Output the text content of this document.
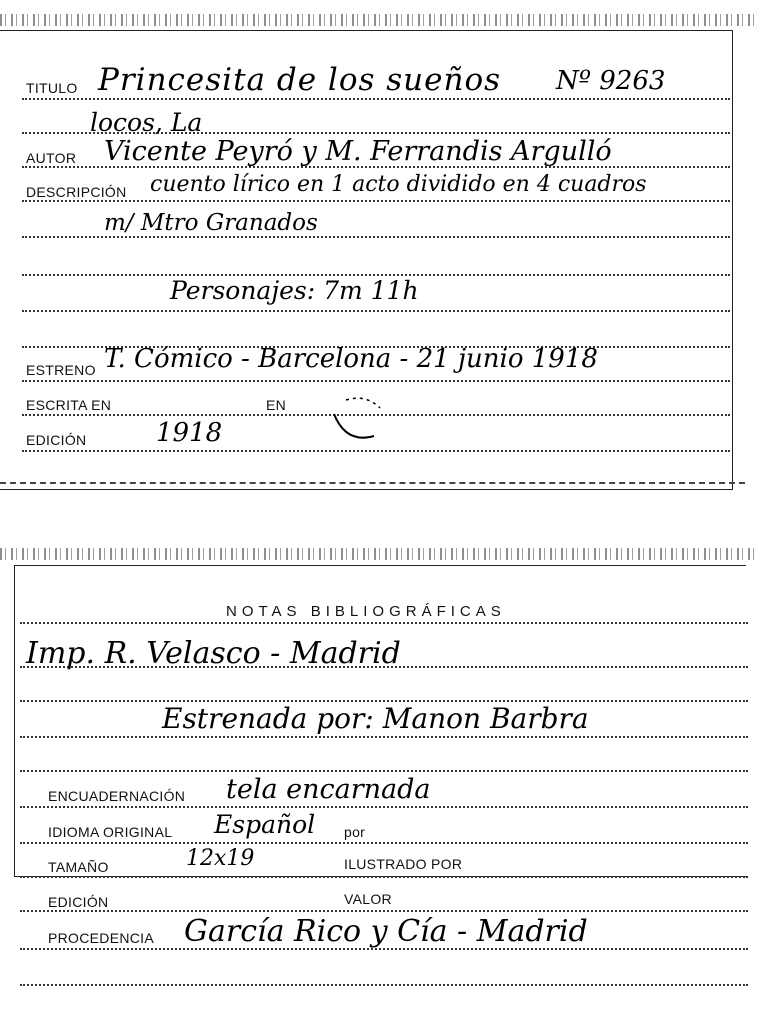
TITULO Princesita de los sueños Nº 9263
locos, La
AUTOR Vicente Peyró y M. Ferrandis Argulló
DESCRIPCIÓN cuento lírico en 1 acto dividido en 4 cuadros
m/ Mtro Granados
Personajes: 7m 11h
ESTRENO T. Cómico - Barcelona - 21 junio 1918
ESCRITA EN	EN
EDICIÓN	1918
NOTAS BIBLIOGRÁFICAS
Imp. R. Velasco - Madrid
Estrenada por: Manon Barbra
ENCUADERNACIÓN tela encarnada
IDIOMA ORIGINAL Español por
TAMAÑO	12x19	ILUSTRADO POR
EDICIÓN	VALOR
PROCEDENCIA García Rico y Cía - Madrid
